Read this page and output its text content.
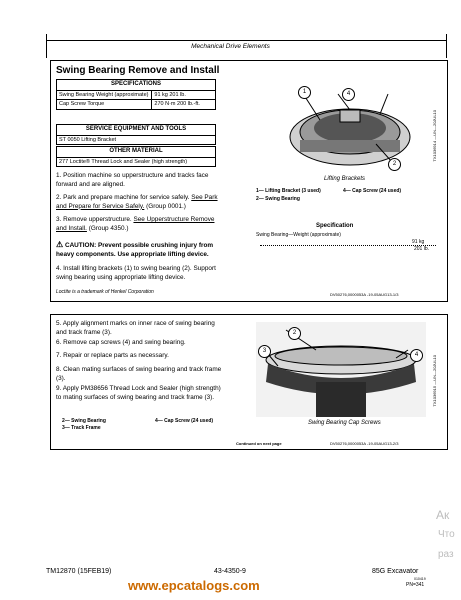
Mechanical Drive Elements
Swing Bearing Remove and Install
SPECIFICATIONS	
Swing Bearing Weight (approximate)	91 kg 201 lb.
Cap Screw Torque	270 N·m 200 lb.-ft.
SERVICE EQUIPMENT AND TOOLS
ST 0050 Lifting Bracket
OTHER MATERIAL
277 Loctite® Thread Lock and Sealer (high strength)
1. Position machine so upperstructure and tracks face forward and are aligned.
2. Park and prepare machine for service safely. See Park and Prepare for Service Safely. (Group 0001.)
3. Remove upperstructure. See Upperstructure Remove and Install. (Group 4350.)
⚠ CAUTION: Prevent possible crushing injury from heavy components. Use appropriate lifting device.
4. Install lifting brackets (1) to swing bearing (2). Support swing bearing using appropriate lifting device.
Loctite is a trademark of Henkel Corporation
1	4
2
TX1036914 —UN—20JUL10
Lifting Brackets
1— Lifting Bracket (3 used)
2— Swing Bearing
4— Cap Screw (24 used)
Specification
Swing Bearing—Weight (approximate)
91 kg
201 lb.
DV50276,0000053A -19-05AUG13-1/3
5. Apply alignment marks on inner race of swing bearing and track frame (3).
6. Remove cap screws (4) and swing bearing.
7. Repair or replace parts as necessary.
8. Clean mating surfaces of swing bearing and track frame (3).
9. Apply PM38656 Thread Lock and Sealer (high strength) to mating surfaces of swing bearing and track frame (3).
2
3
4	TX1036915 —UN—20JUL10
Swing Bearing Cap Screws
2— Swing Bearing
3— Track Frame
4— Cap Screw (24 used)
Continued on next page	DV50276,0000053A -19-05AUG13-2/3
Ак
Что
раз
TM12870 (15FEB19)	43-4350-9	85G Excavator
010419
PN=341
www.epcatalogs.com
